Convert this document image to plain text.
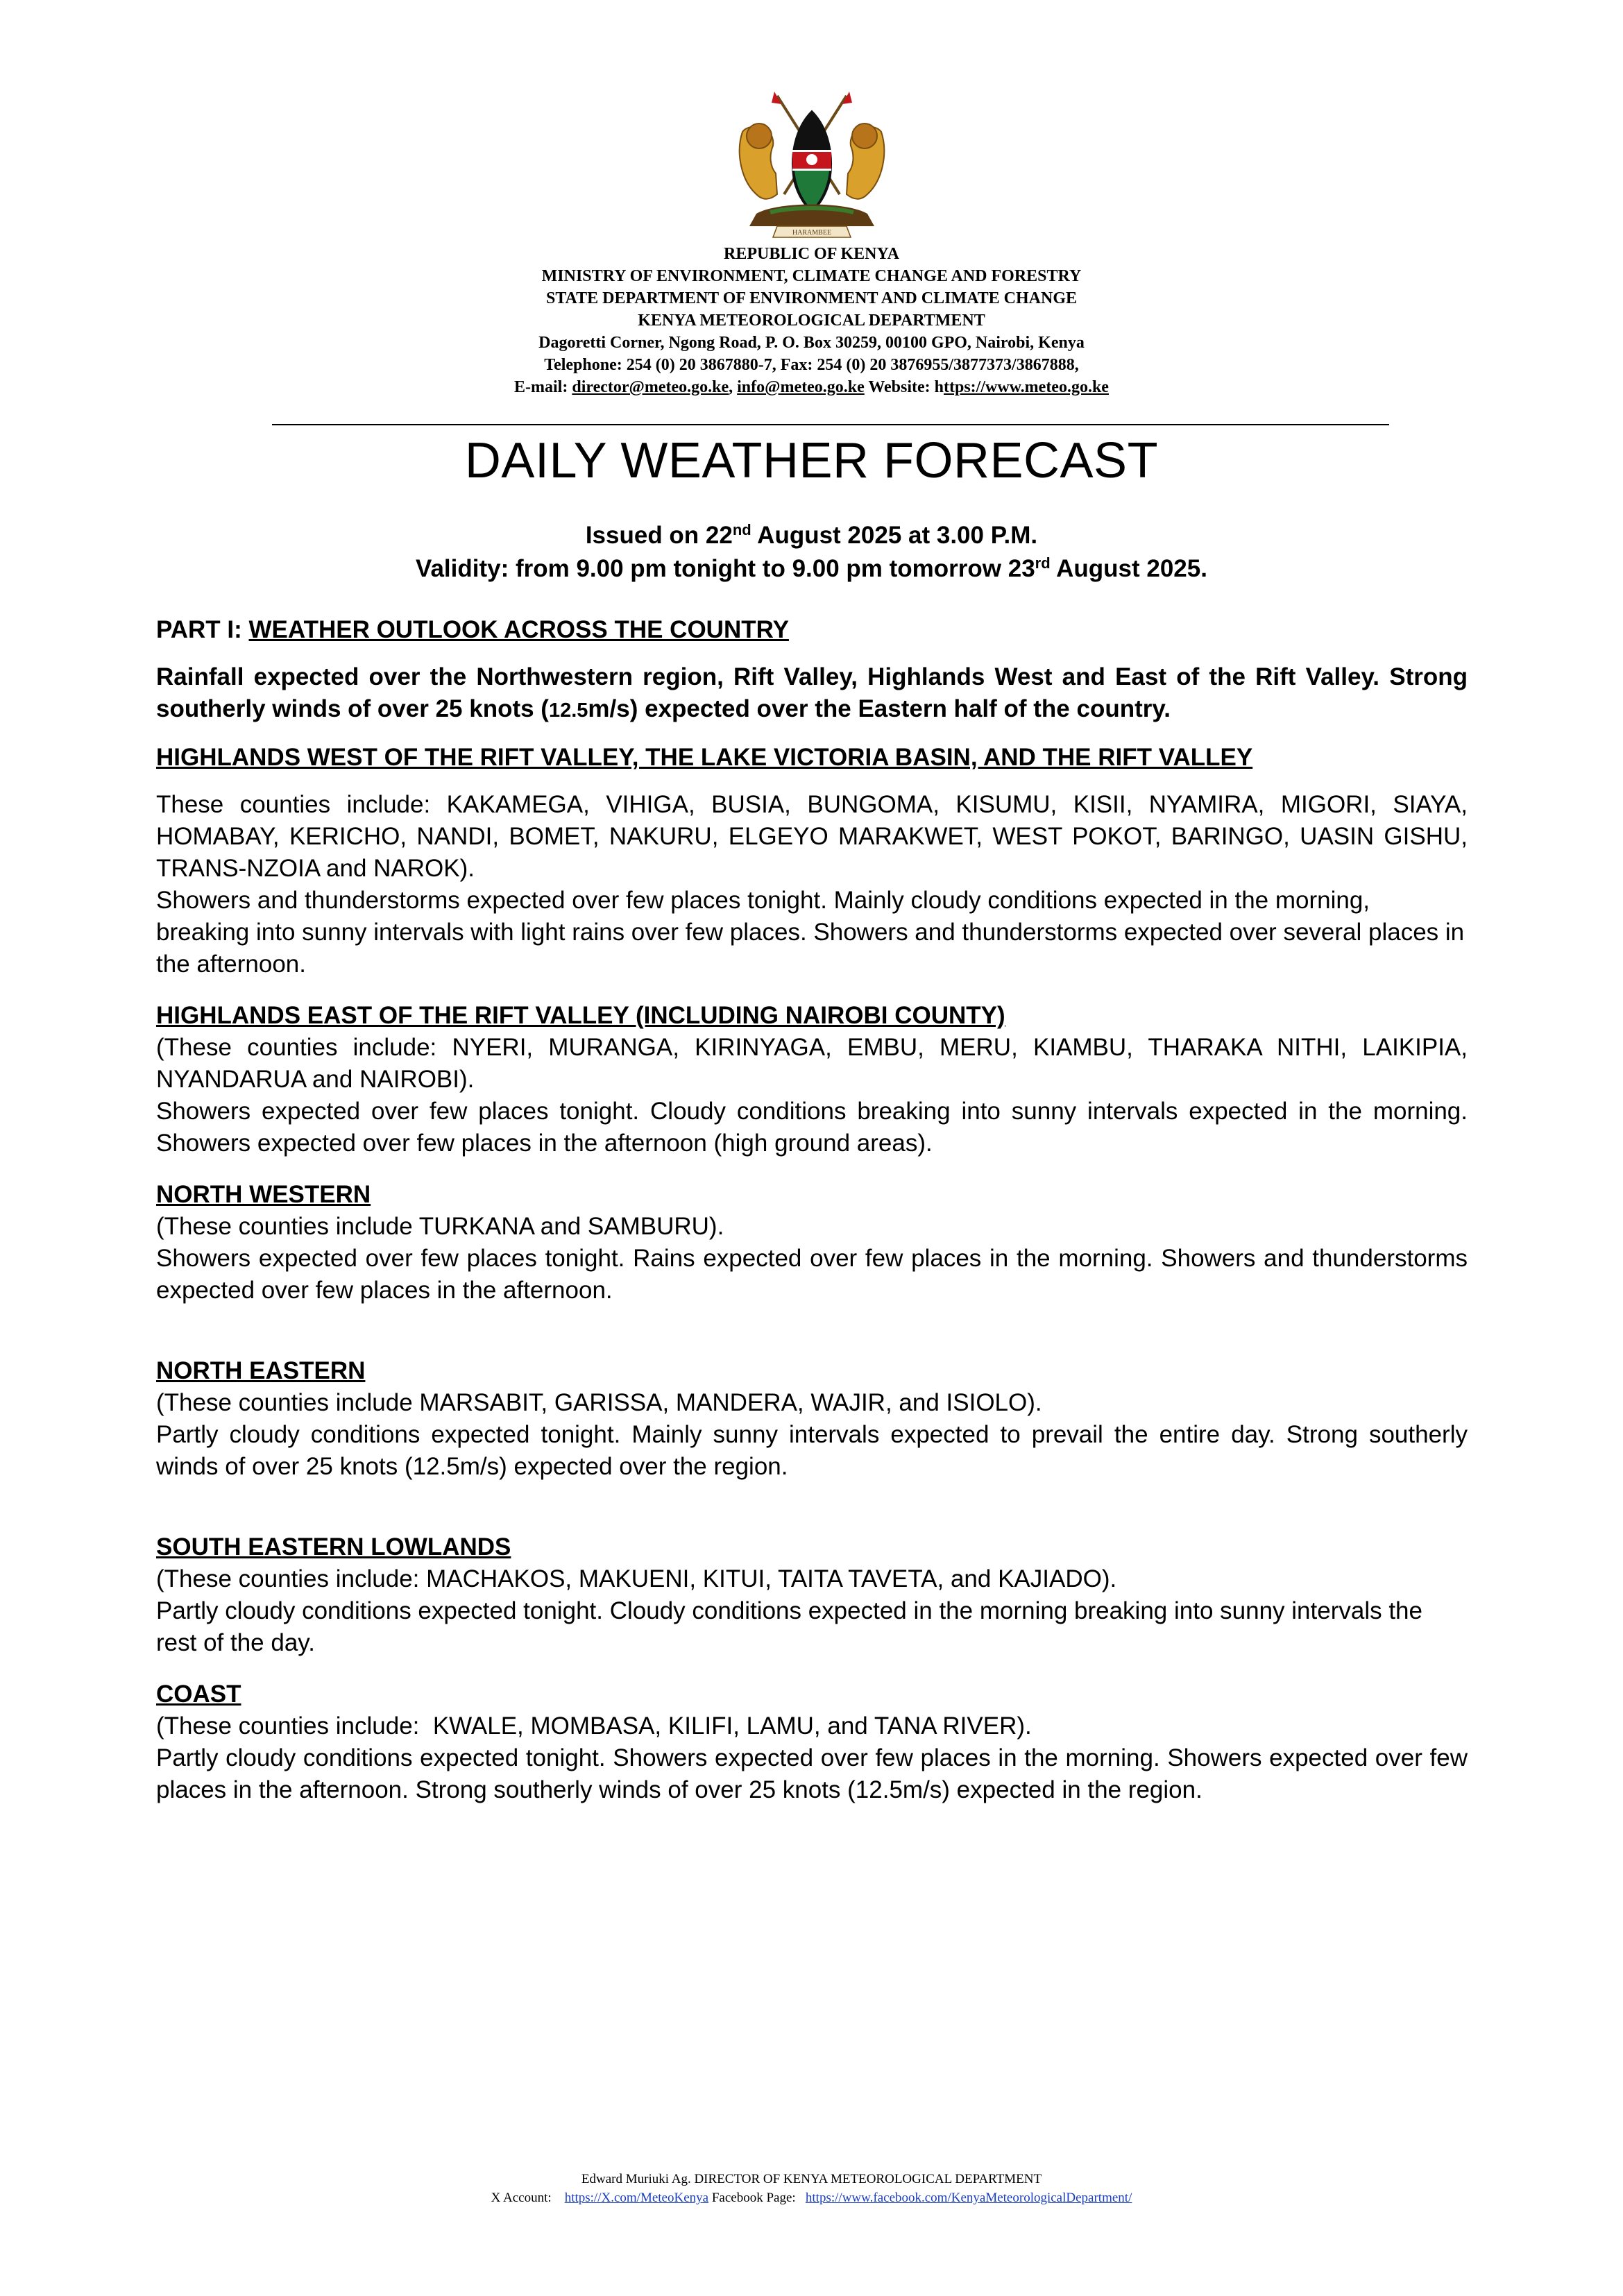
HARAMBEE
REPUBLIC OF KENYA
MINISTRY OF ENVIRONMENT, CLIMATE CHANGE AND FORESTRY
STATE DEPARTMENT OF ENVIRONMENT AND CLIMATE CHANGE
KENYA METEOROLOGICAL DEPARTMENT
Dagoretti Corner, Ngong Road, P. O. Box 30259, 00100 GPO, Nairobi, Kenya
Telephone: 254 (0) 20 3867880-7, Fax: 254 (0) 20 3876955/3877373/3867888,
E-mail: director@meteo.go.ke, info@meteo.go.ke Website: https://www.meteo.go.ke
DAILY WEATHER FORECAST
Issued on 22nd August 2025 at 3.00 P.M.
Validity: from 9.00 pm tonight to 9.00 pm tomorrow 23rd August 2025.

PART I: WEATHER OUTLOOK ACROSS THE COUNTRY

Rainfall expected over the Northwestern region, Rift Valley, Highlands West and East of the Rift Valley. Strong southerly winds of over 25 knots (12.5m/s) expected over the Eastern half of the country.

HIGHLANDS WEST OF THE RIFT VALLEY, THE LAKE VICTORIA BASIN, AND THE RIFT VALLEY

These counties include: KAKAMEGA, VIHIGA, BUSIA, BUNGOMA, KISUMU, KISII, NYAMIRA, MIGORI, SIAYA, HOMABAY, KERICHO, NANDI, BOMET, NAKURU, ELGEYO MARAKWET, WEST POKOT, BARINGO, UASIN GISHU, TRANS-NZOIA and NAROK).

Showers and thunderstorms expected over few places tonight. Mainly cloudy conditions expected in the morning, breaking into sunny intervals with light rains over few places. Showers and thunderstorms expected over several places in the afternoon.

HIGHLANDS EAST OF THE RIFT VALLEY (INCLUDING NAIROBI COUNTY)

(These counties include: NYERI, MURANGA, KIRINYAGA, EMBU, MERU, KIAMBU, THARAKA NITHI, LAIKIPIA, NYANDARUA and NAIROBI).

Showers expected over few places tonight. Cloudy conditions breaking into sunny intervals expected in the morning. Showers expected over few places in the afternoon (high ground areas).

NORTH WESTERN

(These counties include TURKANA and SAMBURU).

Showers expected over few places tonight. Rains expected over few places in the morning. Showers and thunderstorms expected over few places in the afternoon.

NORTH EASTERN

(These counties include MARSABIT, GARISSA, MANDERA, WAJIR, and ISIOLO).

Partly cloudy conditions expected tonight. Mainly sunny intervals expected to prevail the entire day. Strong southerly winds of over 25 knots (12.5m/s) expected over the region.

SOUTH EASTERN LOWLANDS

(These counties include: MACHAKOS, MAKUENI, KITUI, TAITA TAVETA, and KAJIADO).

Partly cloudy conditions expected tonight. Cloudy conditions expected in the morning breaking into sunny intervals the rest of the day.

COAST

(These counties include:  KWALE, MOMBASA, KILIFI, LAMU, and TANA RIVER).

Partly cloudy conditions expected tonight. Showers expected over few places in the morning. Showers expected over few places in the afternoon. Strong southerly winds of over 25 knots (12.5m/s) expected in the region.

Edward Muriuki Ag. DIRECTOR OF KENYA METEOROLOGICAL DEPARTMENT
X Account:    https://X.com/MeteoKenya Facebook Page:   https://www.facebook.com/KenyaMeteorologicalDepartment/
